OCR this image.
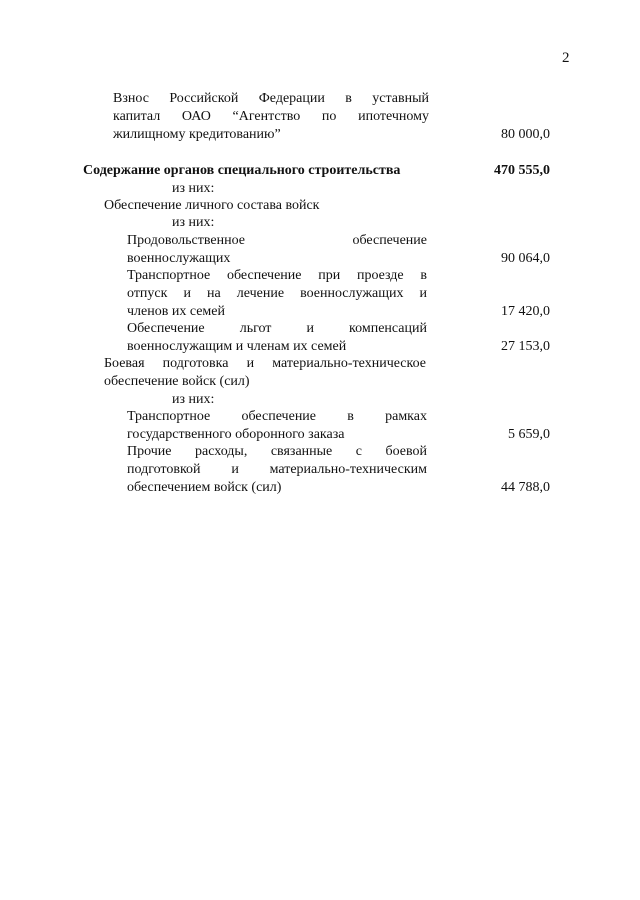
2
Взнос Российской Федерации в уставный
капитал ОАО “Агентство по ипотечному
жилищному кредитованию”	80 000,0
Содержание органов специального строительства	470 555,0
из них:
Обеспечение личного состава войск
из них:
Продовольственное обеспечение
военнослужащих	90 064,0
Транспортное обеспечение при проезде в
отпуск и на лечение военнослужащих и
членов их семей	17 420,0
Обеспечение льгот и компенсаций
военнослужащим и членам их семей	27 153,0
Боевая подготовка и материально-техническое
обеспечение войск (сил)
из них:
Транспортное обеспечение в рамках
государственного оборонного заказа	5 659,0
Прочие расходы, связанные с боевой
подготовкой и материально-техническим
обеспечением войск (сил)	44 788,0
